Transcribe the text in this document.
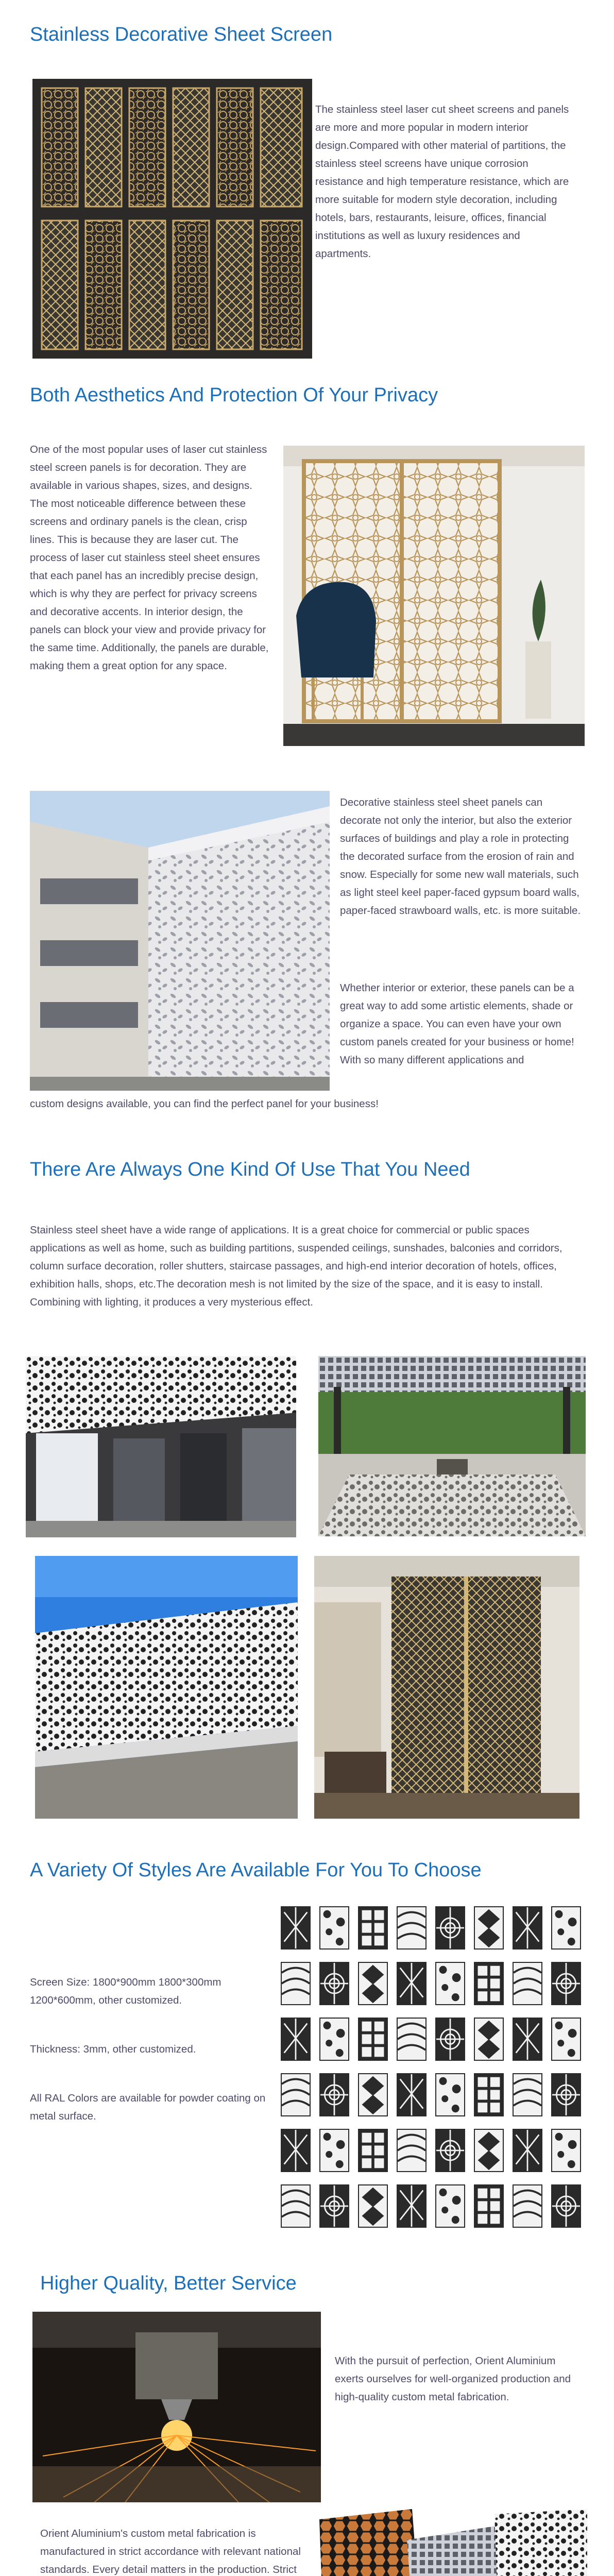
Stainless Decorative Sheet Screen

The stainless steel laser cut sheet screens and panels are more and more popular in modern interior design.Compared with other material of partitions, the stainless steel screens have unique corrosion resistance and high temperature resistance, which are more suitable for modern style decoration, including hotels, bars, restaurants, leisure, offices, financial institutions as well as luxury residences and apartments.

Both Aesthetics And Protection Of Your Privacy

One of the most popular uses of laser cut stainless steel screen panels is for decoration. They are available in various shapes, sizes, and designs. The most noticeable difference between these screens and ordinary panels is the clean, crisp lines. This is because they are laser cut. The process of laser cut stainless steel sheet ensures that each panel has an incredibly precise design, which is why they are perfect for privacy screens and decorative accents. In interior design, the panels can block your view and provide privacy for the same time. Additionally, the panels are durable, making them a great option for any space.

Decorative stainless steel sheet panels can decorate not only the interior, but also the exterior surfaces of buildings and play a role in protecting the decorated surface from the erosion of rain and snow. Especially for some new wall materials, such as light steel keel paper-faced gypsum board walls, paper-faced strawboard walls, etc. is more suitable.

Whether interior or exterior, these panels can be a great way to add some artistic elements, shade or organize a space. You can even have your own custom panels created for your business or home! With so many different applications and

custom designs available, you can find the perfect panel for your business!

There Are Always One Kind Of Use That You Need

Stainless steel sheet have a wide range of applications. It is a great choice for commercial or public spaces applications as well as home, such as building partitions, suspended ceilings, sunshades, balconies and corridors, column surface decoration, roller shutters, staircase passages, and high-end interior decoration of hotels, offices, exhibition halls, shops, etc.The decoration mesh is not limited by the size of the space, and it is easy to install. Combining with lighting, it produces a very mysterious effect.

A Variety Of Styles Are Available For You To Choose

Screen Size: 1800*900mm 1800*300mm 1200*600mm, other customized.

Thickness: 3mm, other customized.

All RAL Colors are available for powder coating on metal surface.

Higher Quality, Better Service

With the pursuit of perfection, Orient Aluminium exerts ourselves for well-organized production and high-quality custom metal fabrication.

Orient Aluminium's custom metal fabrication is manufactured in strict accordance with relevant national standards. Every detail matters in the production. Strict
